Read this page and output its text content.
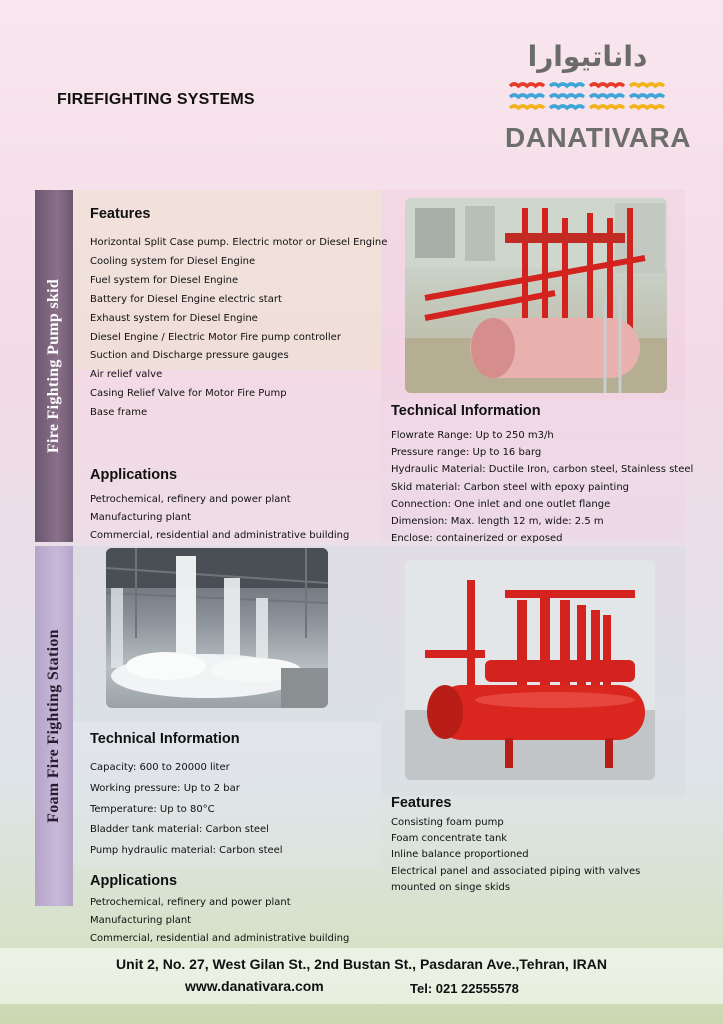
FIREFIGHTING SYSTEMS
داناتیوارا
DANATIVARA
Fire Fighting Pump skid
Features
Horizontal Split Case pump. Electric motor or Diesel Engine
Cooling system for Diesel Engine
Fuel system for Diesel Engine
Battery for Diesel Engine electric start
Exhaust system for Diesel Engine
Diesel Engine / Electric Motor Fire pump controller
Suction and Discharge pressure gauges
Air relief valve
Casing Relief Valve for Motor Fire Pump
Base frame
Applications
Petrochemical, refinery and power plant
Manufacturing plant
Commercial, residential and administrative building
Technical Information
Flowrate Range: Up to 250 m3/h
Pressure range: Up to 16 barg
Hydraulic Material: Ductile Iron, carbon steel, Stainless steel
Skid material: Carbon steel with epoxy painting
Connection: One inlet and one outlet flange
Dimension: Max. length 12 m, wide: 2.5 m
Enclose: containerized or exposed
Foam Fire Fighting Station Technical Information
Capacity: 600 to 20000 liter
Working pressure: Up to 2 bar
Temperature: Up to 80°C
Bladder tank material: Carbon steel
Pump hydraulic material: Carbon steel
Applications
Petrochemical, refinery and power plant
Manufacturing plant
Commercial, residential and administrative building
Features
Consisting foam pump
Foam concentrate tank
Inline balance proportioned
Electrical panel and associated piping with valves
mounted on singe skids
Unit 2, No. 27, West Gilan St., 2nd Bustan St., Pasdaran Ave.,Tehran, IRAN
www.danativara.com	Tel: 021 22555578
